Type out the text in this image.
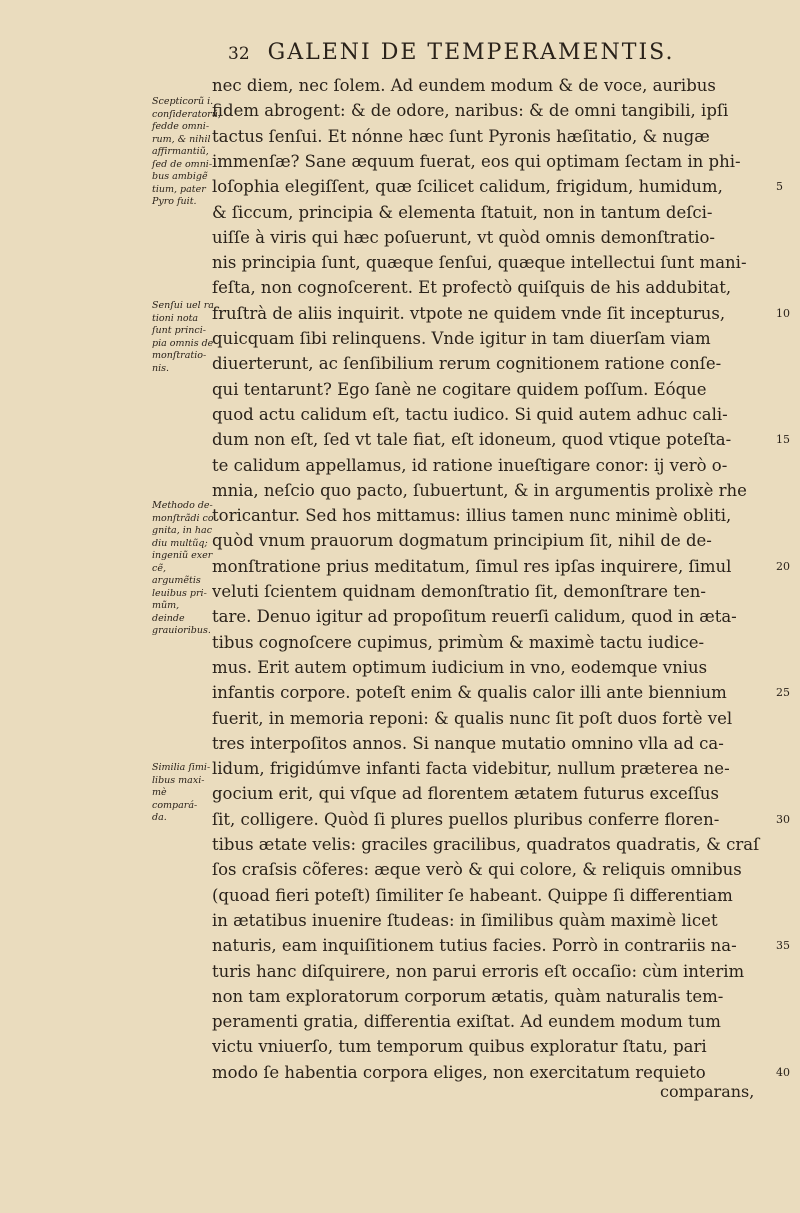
32 GALENI DE TEMPERAMENTIS.
nec diem, nec ſolem. Ad eundem modum & de voce, auribus
fidem abrogent: & de odore, naribus: & de omni tangibili, ipſi
tactus ſenſui. Et nónne hæc ſunt Pyronis hæſitatio, & nugæ
immenſæ? Sane æquum fuerat, eos qui optimam ſectam in phi-
loſophia elegiſſent, quæ ſcilicet calidum, frigidum, humidum,	5
& ſiccum, principia & elementa ſtatuit, non in tantum deſci-
uiſſe à viris qui hæc poſuerunt, vt quòd omnis demonſtratio-
nis principia ſunt, quæque ſenſui, quæque intellectui ſunt mani-
feſta, non cognoſcerent. Et profectò quiſquis de his addubitat,
fruſtrà de aliis inquirit. vtpote ne quidem vnde ſit incepturus,	10
quicquam ſibi relinquens. Vnde igitur in tam diuerſam viam
diuerterunt, ac ſenſibilium rerum cognitionem ratione conſe-
qui tentarunt? Ego ſanè ne cogitare quidem poſſum. Eóque
quod actu calidum eſt, tactu iudico. Si quid autem adhuc cali-
dum non eſt, ſed vt tale fiat, eſt idoneum, quod vtique poteſta-	15
te calidum appellamus, id ratione inueſtigare conor: ij verò o-
mnia, neſcio quo pacto, ſubuertunt, & in argumentis prolixè rhe
toricantur. Sed hos mittamus: illius tamen nunc minimè obliti,
quòd vnum prauorum dogmatum principium ſit, nihil de de-
monſtratione prius meditatum, ſimul res ipſas inquirere, ſimul	20
veluti ſcientem quidnam demonſtratio ſit, demonſtrare ten-
tare. Denuo igitur ad propoſitum reuerſi calidum, quod in æta-
tibus cognoſcere cupimus, primùm & maximè tactu iudice-
mus. Erit autem optimum iudicium in vno, eodemque vnius
infantis corpore. poteſt enim & qualis calor illi ante biennium	25
fuerit, in memoria reponi: & qualis nunc ſit poſt duos fortè vel
tres interpoſitos annos. Si nanque mutatio omnino vlla ad ca-
lidum, frigidúmve infanti facta videbitur, nullum præterea ne-
gocium erit, qui vſque ad florentem ætatem futurus exceſſus
ſit, colligere. Quòd ſi plures puellos pluribus conferre floren-	30
tibus ætate velis: graciles gracilibus, quadratos quadratis, & craſ
ſos craſsis cõferes: æque verò & qui colore, & reliquis omnibus
(quoad fieri poteſt) ſimiliter ſe habeant. Quippe ſi differentiam
in ætatibus inuenire ſtudeas: in ſimilibus quàm maximè licet
naturis, eam inquiſitionem tutius facies. Porrò in contrariis na-	35
turis hanc diſquirere, non parui erroris eſt occaſio: cùm interim
non tam exploratorum corporum ætatis, quàm naturalis tem-
peramenti gratia, differentia exiſtat. Ad eundem modum tum
victu vniuerſo, tum temporum quibus exploratur ſtatu, pari
modo ſe habentia corpora eliges, non exercitatum requieto	40
Scepticorũ i.
conſideratorũ,
fedde omni-
rum, & nihil
affirmantiũ,
ſed de omni-
bus ambigẽ
tium, pater
Pyro fuit.
Senſui uel ra
tioni nota
ſunt princi-
pia omnis de
monſtratio-
nis.
Methodo de-
monſtrãdi co
gnita, in hac
diu multũq;
ingeniũ exer
cẽ, argumẽtis
leuibus pri-
mũm, deinde
grauioribus.
Similia ſimi-
libus maxi-
mè compará-
da.
comparans,
